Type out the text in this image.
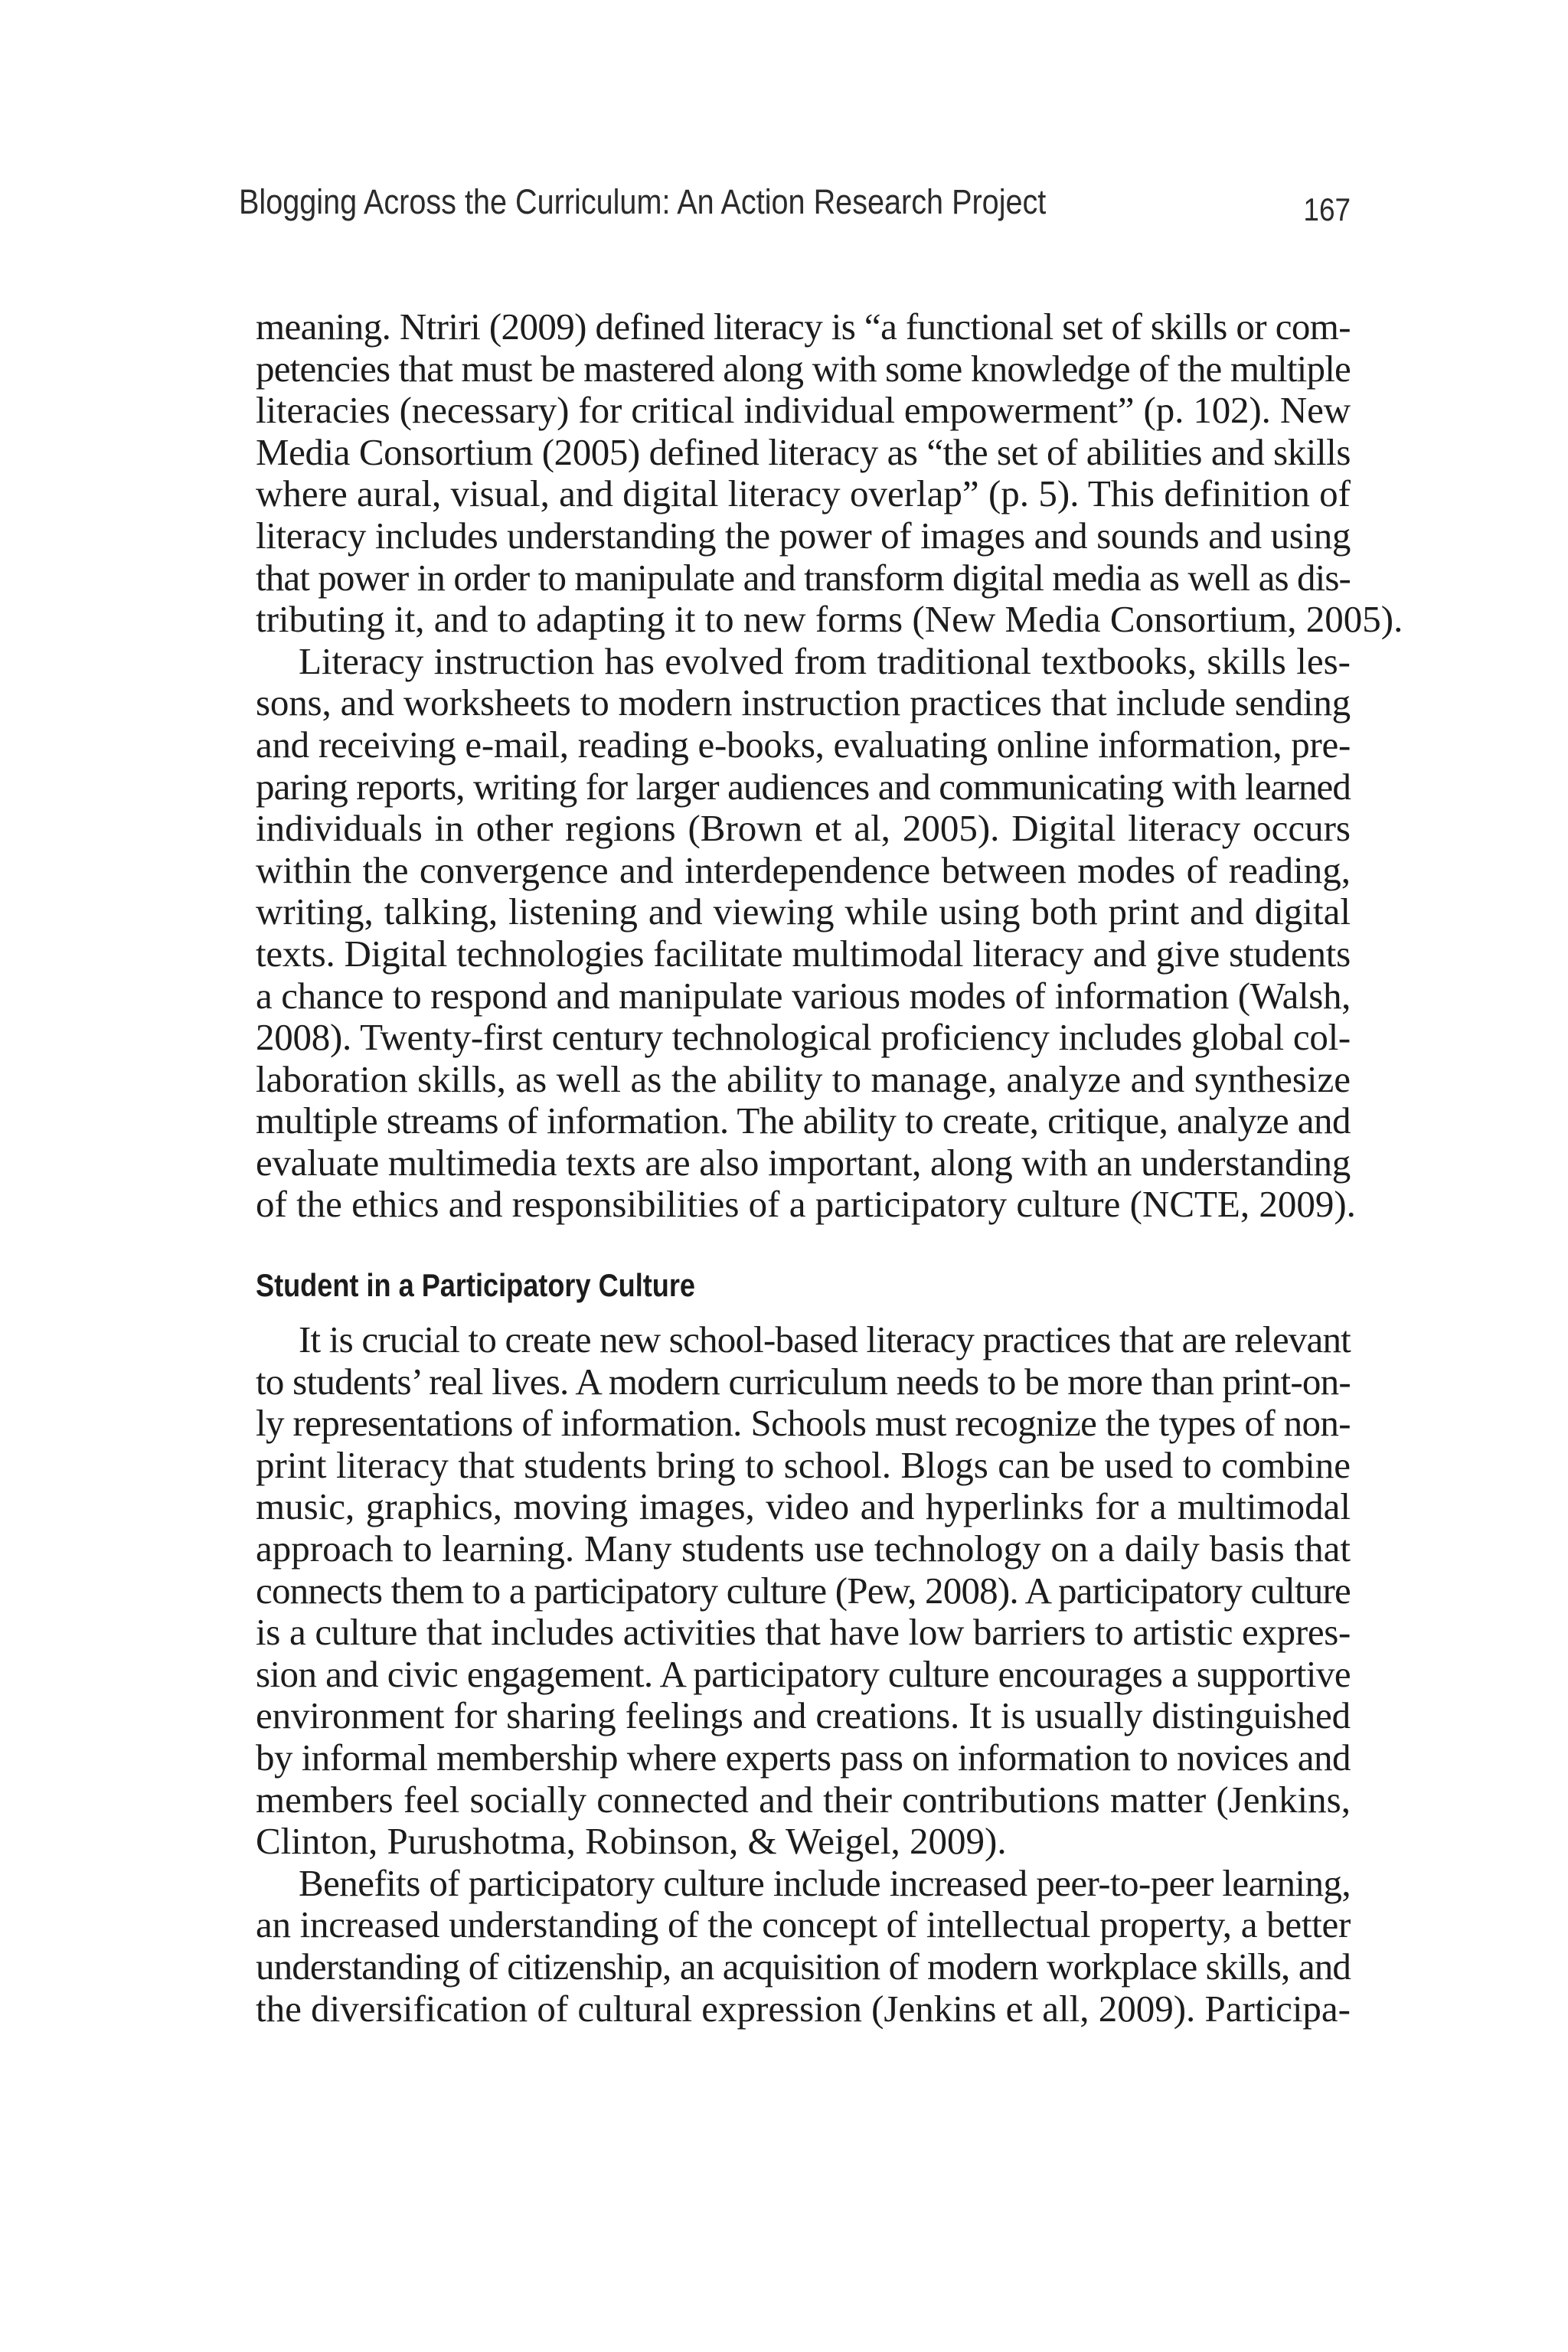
Blogging Across the Curriculum: An Action Research Project	167
meaning. Ntriri (2009) defined literacy is “a functional set of skills or com-
petencies that must be mastered along with some knowledge of the multiple
literacies (necessary) for critical individual empowerment” (p. 102). New
Media Consortium (2005) defined literacy as “the set of abilities and skills
where aural, visual, and digital literacy overlap” (p. 5). This definition of
literacy includes understanding the power of images and sounds and using
that power in order to manipulate and transform digital media as well as dis-
tributing it, and to adapting it to new forms (New Media Consortium, 2005).
Literacy instruction has evolved from traditional textbooks, skills les-
sons, and worksheets to modern instruction practices that include sending
and receiving e-mail, reading e-books, evaluating online information, pre-
paring reports, writing for larger audiences and communicating with learned
individuals in other regions (Brown et al, 2005). Digital literacy occurs
within the convergence and interdependence between modes of reading,
writing, talking, listening and viewing while using both print and digital
texts. Digital technologies facilitate multimodal literacy and give students
a chance to respond and manipulate various modes of information (Walsh,
2008). Twenty-first century technological proficiency includes global col-
laboration skills, as well as the ability to manage, analyze and synthesize
multiple streams of information. The ability to create, critique, analyze and
evaluate multimedia texts are also important, along with an understanding
of the ethics and responsibilities of a participatory culture (NCTE, 2009).
Student in a Participatory Culture
It is crucial to create new school-based literacy practices that are relevant
to students’ real lives. A modern curriculum needs to be more than print-on-
ly representations of information. Schools must recognize the types of non-
print literacy that students bring to school. Blogs can be used to combine
music, graphics, moving images, video and hyperlinks for a multimodal
approach to learning. Many students use technology on a daily basis that
connects them to a participatory culture (Pew, 2008). A participatory culture
is a culture that includes activities that have low barriers to artistic expres-
sion and civic engagement. A participatory culture encourages a supportive
environment for sharing feelings and creations. It is usually distinguished
by informal membership where experts pass on information to novices and
members feel socially connected and their contributions matter (Jenkins,
Clinton, Purushotma, Robinson, & Weigel, 2009).
Benefits of participatory culture include increased peer-to-peer learning,
an increased understanding of the concept of intellectual property, a better
understanding of citizenship, an acquisition of modern workplace skills, and
the diversification of cultural expression (Jenkins et all, 2009). Participa-
